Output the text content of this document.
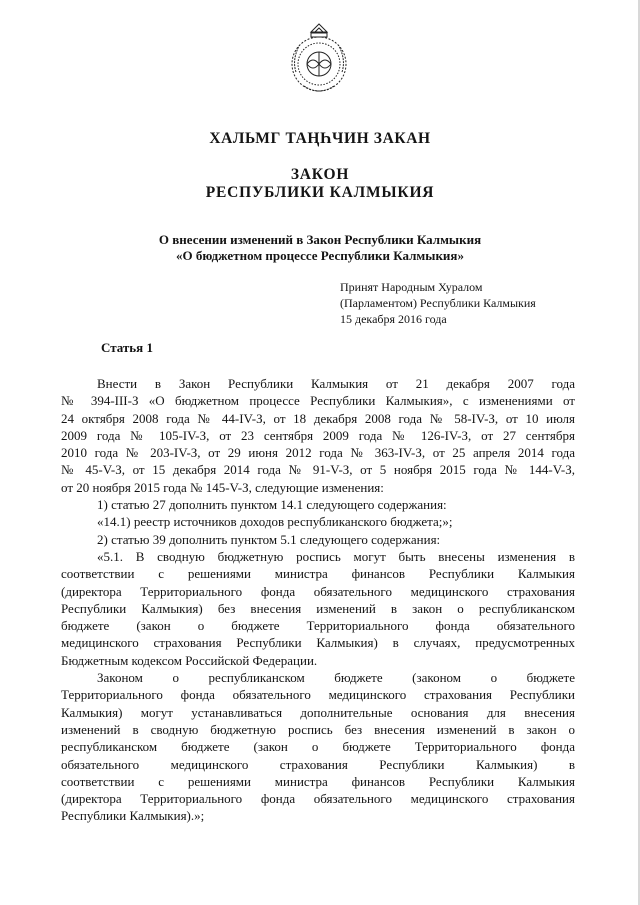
ХАЛЬМГ ТАҢҺЧИН ЗАКАН
ЗАКОН
РЕСПУБЛИКИ КАЛМЫКИЯ
О внесении изменений в Закон Республики Калмыкия
«О бюджетном процессе Республики Калмыкия»
Принят Народным Хуралом
(Парламентом) Республики Калмыкия
15 декабря 2016 года
Статья 1
Внести в Закон Республики Калмыкия от 21 декабря 2007 года
№ 394-III-З «О бюджетном процессе Республики Калмыкия», с изменениями от
24 октября 2008 года № 44-IV-З, от 18 декабря 2008 года № 58-IV-З, от 10 июля
2009 года № 105-IV-З, от 23 сентября 2009 года № 126-IV-З, от 27 сентября
2010 года № 203-IV-З, от 29 июня 2012 года № 363-IV-З, от 25 апреля 2014 года
№ 45-V-З, от 15 декабря 2014 года № 91-V-З, от 5 ноября 2015 года № 144-V-З,
от 20 ноября 2015 года № 145-V-З, следующие изменения:
1) статью 27 дополнить пунктом 14.1 следующего содержания:
«14.1) реестр источников доходов республиканского бюджета;»;
2) статью 39 дополнить пунктом 5.1 следующего содержания:
«5.1. В сводную бюджетную роспись могут быть внесены изменения в
соответствии с решениями министра финансов Республики Калмыкия
(директора Территориального фонда обязательного медицинского страхования
Республики Калмыкия) без внесения изменений в закон о республиканском
бюджете (закон о бюджете Территориального фонда обязательного
медицинского страхования Республики Калмыкия) в случаях, предусмотренных
Бюджетным кодексом Российской Федерации.
Законом о республиканском бюджете (законом о бюджете
Территориального фонда обязательного медицинского страхования Республики
Калмыкия) могут устанавливаться дополнительные основания для внесения
изменений в сводную бюджетную роспись без внесения изменений в закон о
республиканском бюджете (закон о бюджете Территориального фонда
обязательного медицинского страхования Республики Калмыкия) в
соответствии с решениями министра финансов Республики Калмыкия
(директора Территориального фонда обязательного медицинского страхования
Республики Калмыкия).»;
